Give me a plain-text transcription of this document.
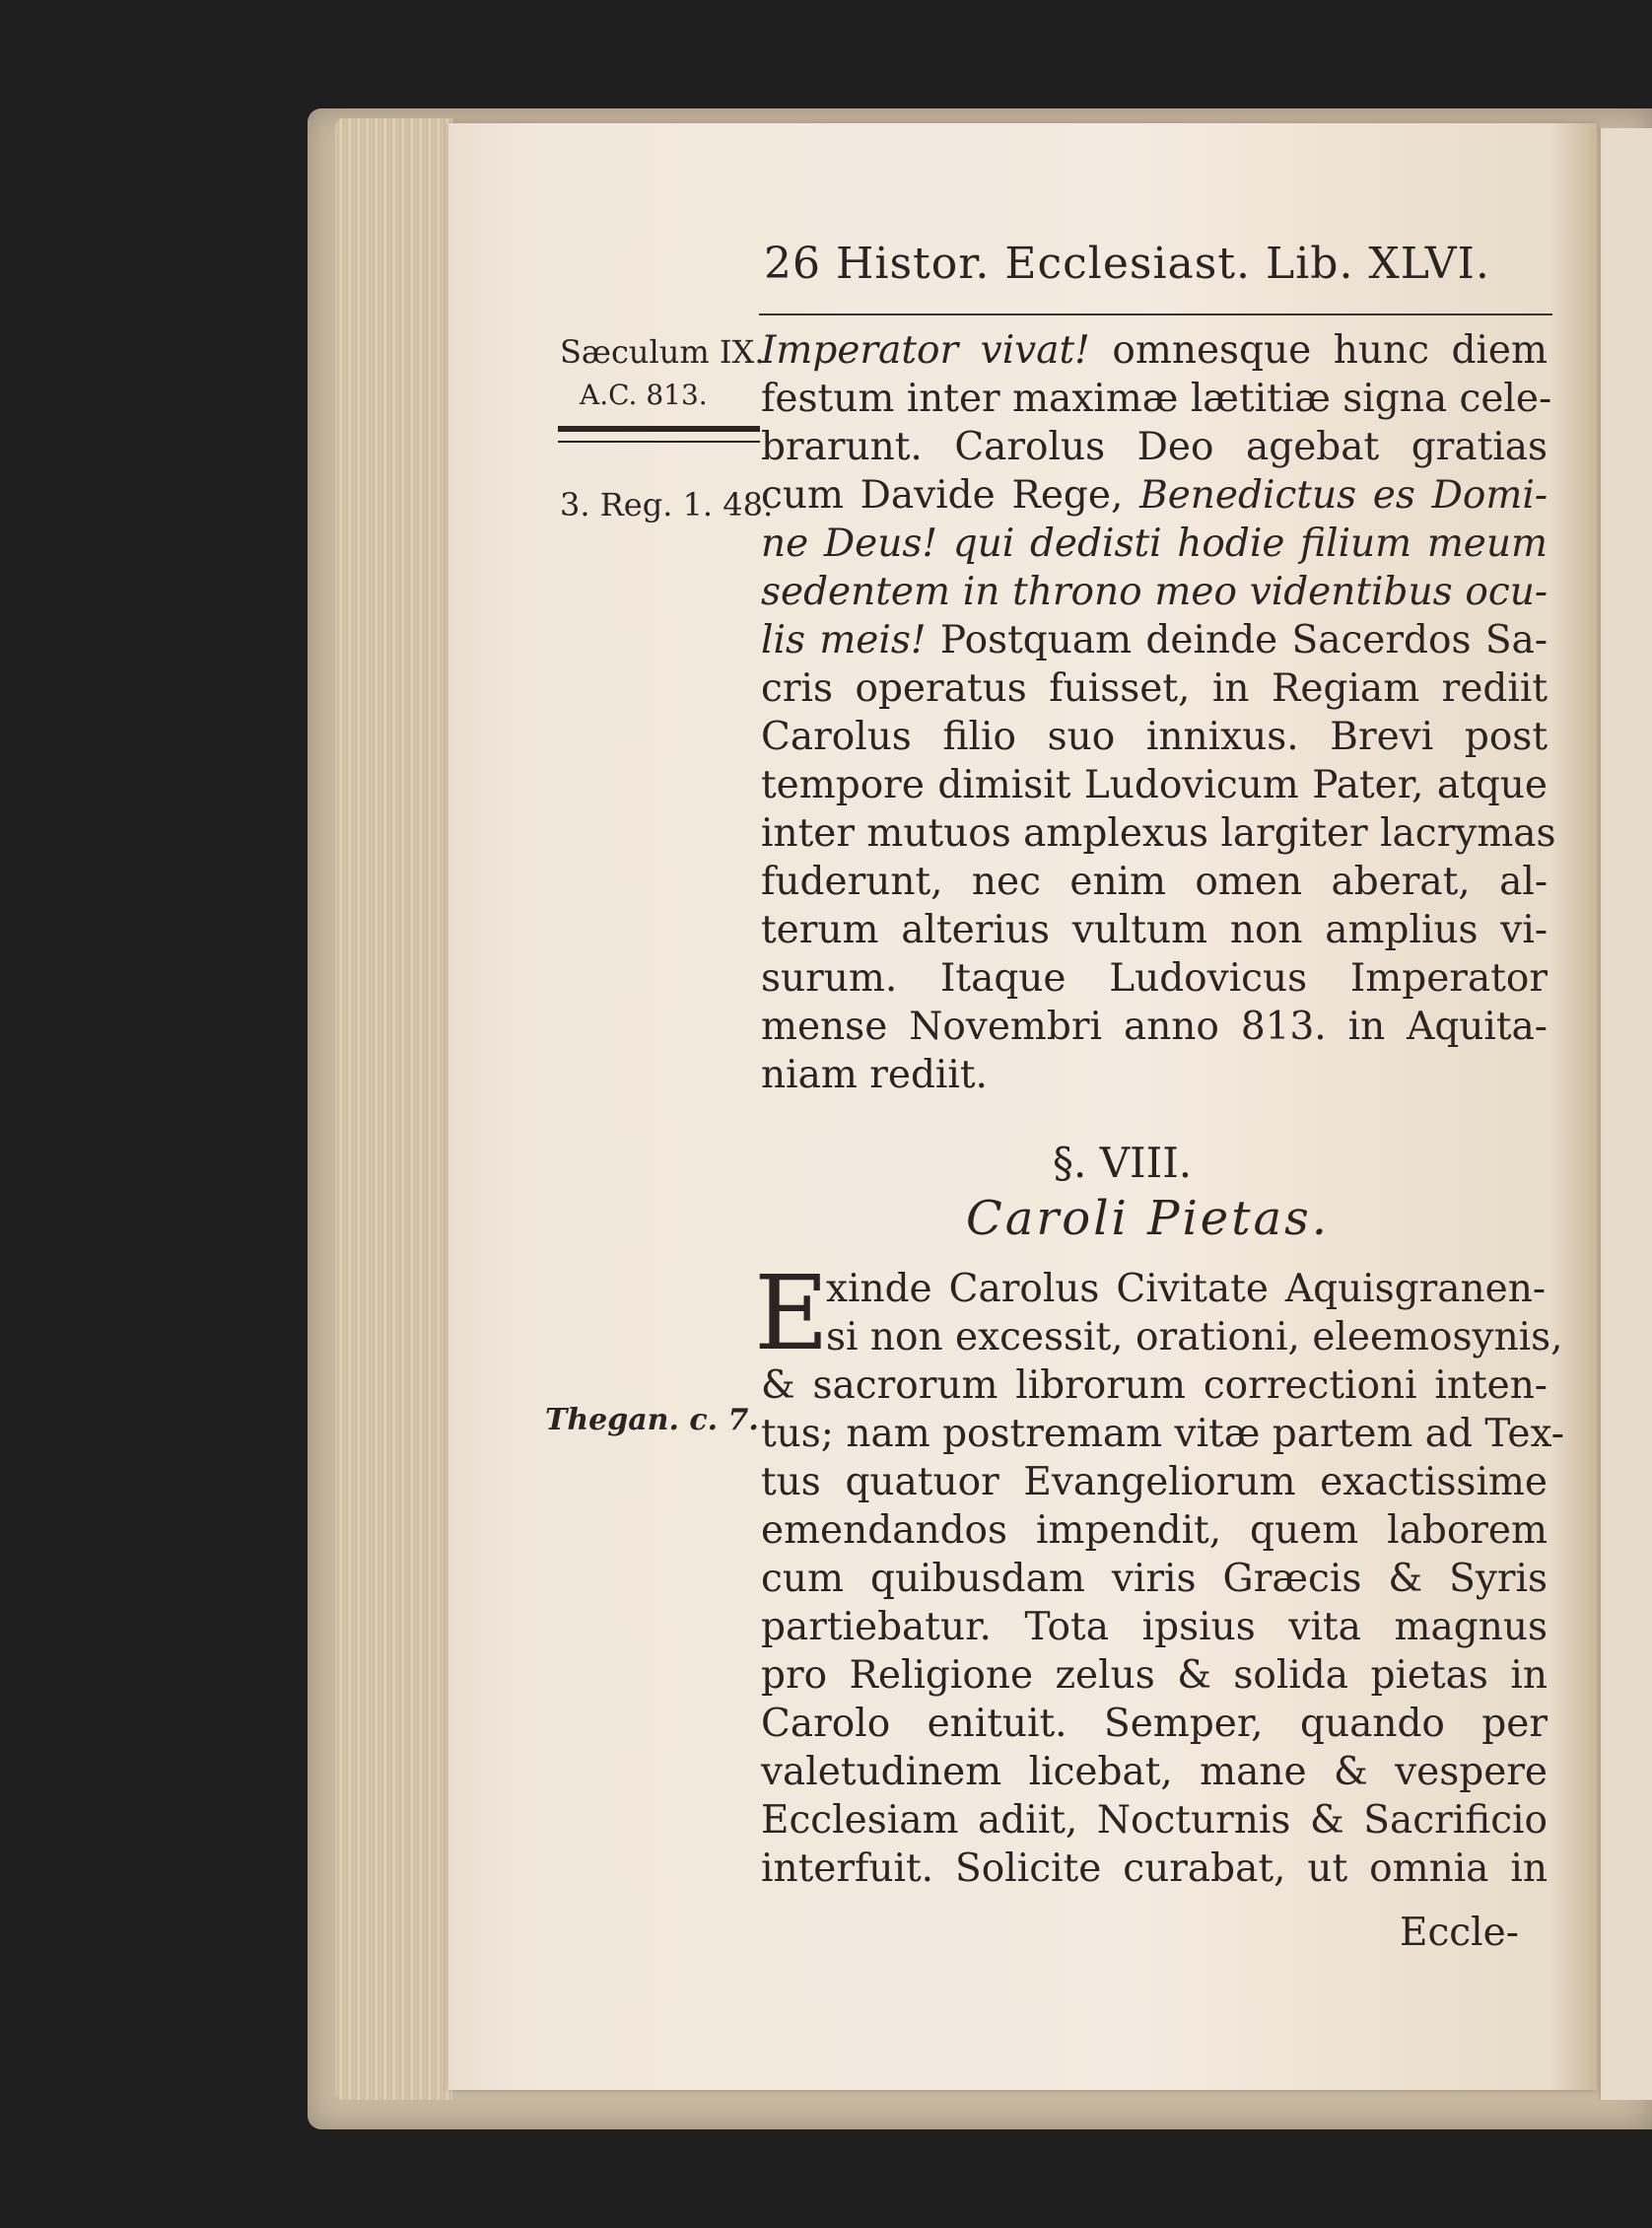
26 Histor. Ecclesiast. Lib. XLVI.
Sæculum IX.
A.C. 813.
3. Reg. 1. 48.
Thegan. c. 7.
Imperator vivat! omnesque hunc diem
festum inter maximæ lætitiæ signa cele-
brarunt. Carolus Deo agebat gratias
cum Davide Rege, Benedictus es Domi-
ne Deus! qui dedisti hodie filium meum
sedentem in throno meo videntibus ocu-
lis meis! Postquam deinde Sacerdos Sa-
cris operatus fuisset, in Regiam rediit
Carolus filio suo innixus. Brevi post
tempore dimisit Ludovicum Pater, atque
inter mutuos amplexus largiter lacrymas
fuderunt, nec enim omen aberat, al-
terum alterius vultum non amplius vi-
surum. Itaque Ludovicus Imperator
mense Novembri anno 813. in Aquita-
niam rediit.
§. VIII.
Caroli Pietas.
E
xinde Carolus Civitate Aquisgranen-
si non excessit, orationi, eleemosynis,
& sacrorum librorum correctioni inten-
tus; nam postremam vitæ partem ad Tex-
tus quatuor Evangeliorum exactissime
emendandos impendit, quem laborem
cum quibusdam viris Græcis & Syris
partiebatur. Tota ipsius vita magnus
pro Religione zelus & solida pietas in
Carolo enituit. Semper, quando per
valetudinem licebat, mane & vespere
Ecclesiam adiit, Nocturnis & Sacrificio
interfuit. Solicite curabat, ut omnia in
Eccle-
